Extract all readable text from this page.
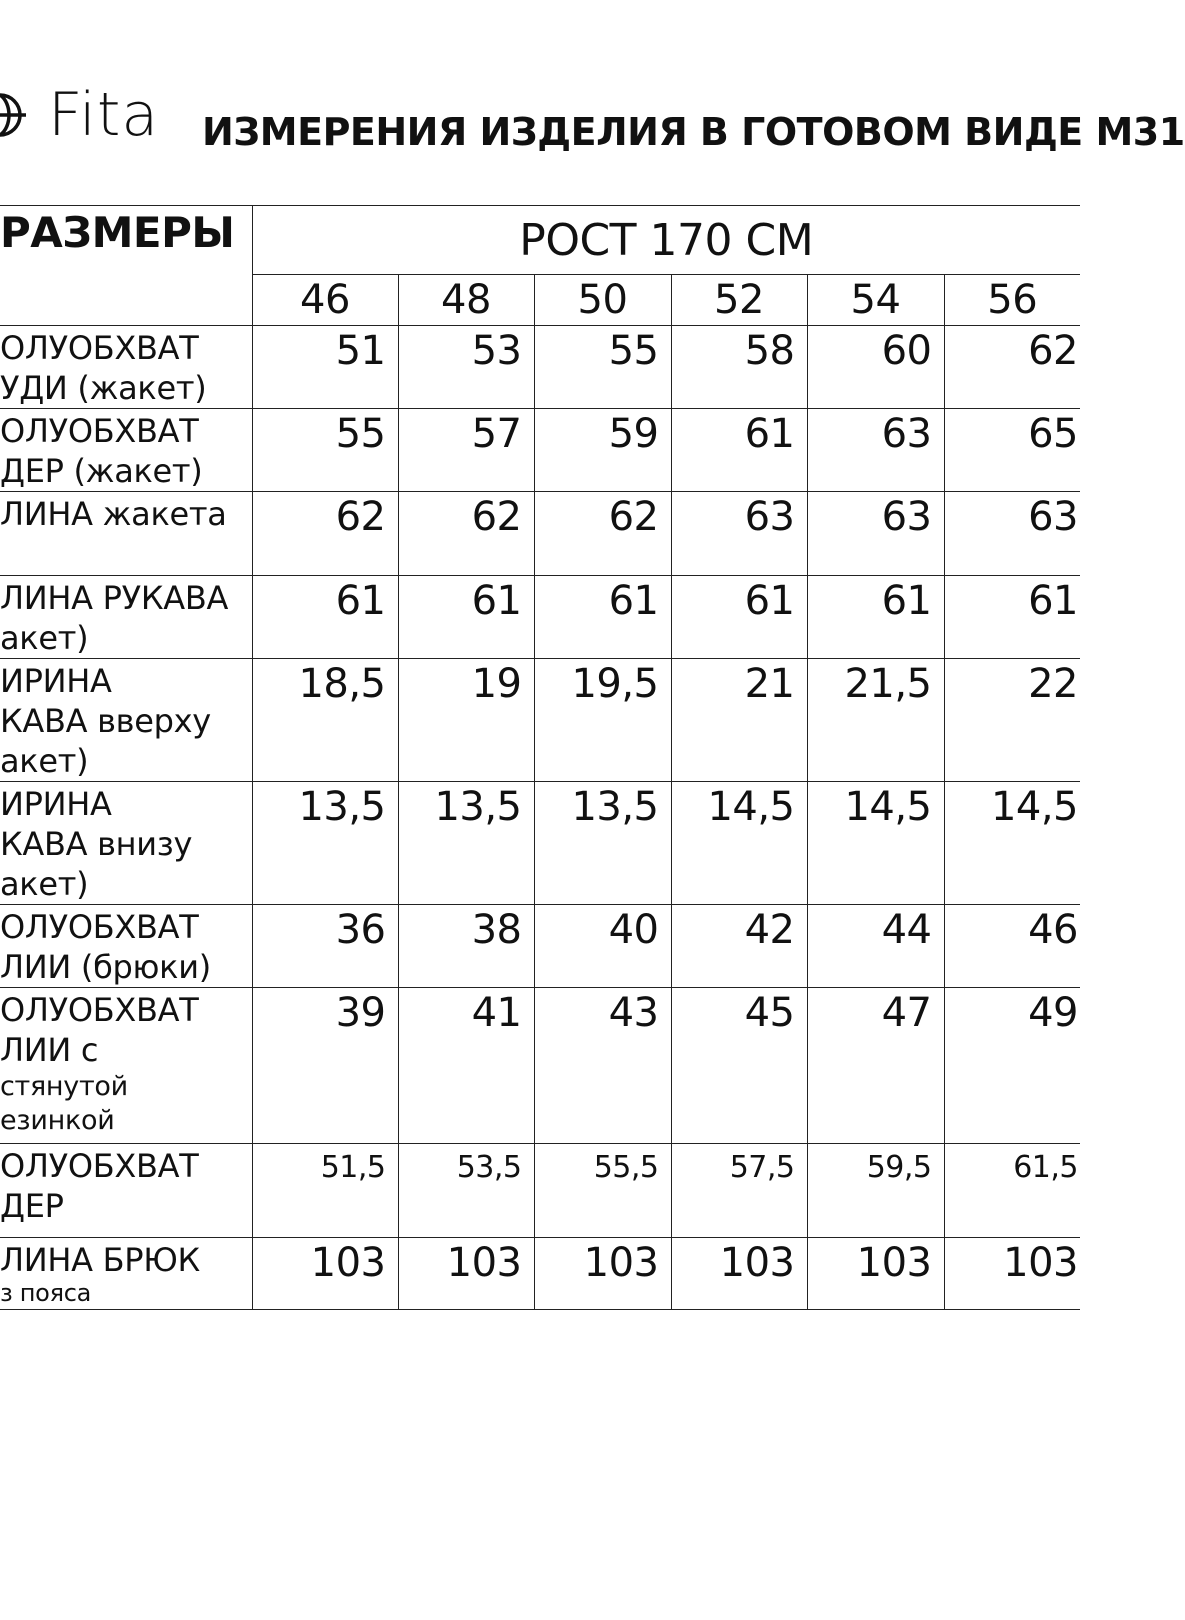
Fita ИЗМЕРЕНИЯ ИЗДЕЛИЯ В ГОТОВОМ ВИДЕ М31
РАЗМЕРЫ	РОСТ 170 СМ					
	46	48	50	52	54	56

ОЛУОБХВАТ
УДИ (жакет)	51	53	55	58	60	62

ОЛУОБХВАТ
ДЕР (жакет)	55	57	59	61	63	65

ЛИНА жакета	62	62	62	63	63	63

ЛИНА РУКАВА
акет)	61	61	61	61	61	61

ИРИНА
КАВА вверху
акет)	18,5	19	19,5	21	21,5	22

ИРИНА
КАВА внизу
акет)	13,5	13,5	13,5	14,5	14,5	14,5

ОЛУОБХВАТ
ЛИИ (брюки)	36	38	40	42	44	46

ОЛУОБХВАТ
ЛИИ с
стянутой
езинкой	39	41	43	45	47	49

ОЛУОБХВАТ
ДЕР	51,5	53,5	55,5	57,5	59,5	61,5

ЛИНА БРЮК
з пояса	103	103	103	103	103	103
